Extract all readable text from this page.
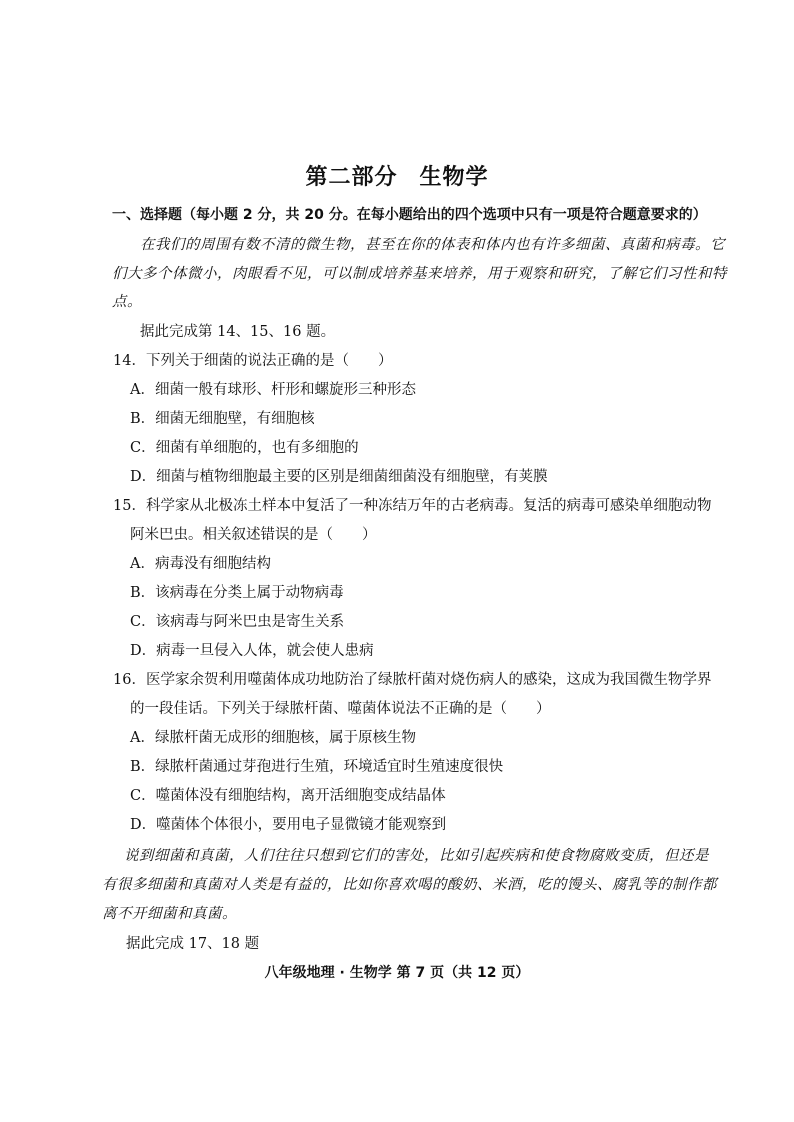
第二部分 生物学
一、选择题（每小题 2 分，共 20 分。在每小题给出的四个选项中只有一项是符合题意要求的）
在我们的周围有数不清的微生物，甚至在你的体表和体内也有许多细菌、真菌和病毒。它
们大多个体微小，肉眼看不见，可以制成培养基来培养，用于观察和研究，了解它们习性和特
点。
据此完成第 14、15、16 题。
14．下列关于细菌的说法正确的是（　　）
A．细菌一般有球形、杆形和螺旋形三种形态
B．细菌无细胞壁，有细胞核
C．细菌有单细胞的，也有多细胞的
D．细菌与植物细胞最主要的区别是细菌细菌没有细胞壁，有荚膜
15．科学家从北极冻土样本中复活了一种冻结万年的古老病毒。复活的病毒可感染单细胞动物
阿米巴虫。相关叙述错误的是（　　）
A．病毒没有细胞结构
B．该病毒在分类上属于动物病毒
C．该病毒与阿米巴虫是寄生关系
D．病毒一旦侵入人体，就会使人患病
16．医学家余贺利用噬菌体成功地防治了绿脓杆菌对烧伤病人的感染，这成为我国微生物学界
的一段佳话。下列关于绿脓杆菌、噬菌体说法不正确的是（　　）
A．绿脓杆菌无成形的细胞核，属于原核生物
B．绿脓杆菌通过芽孢进行生殖，环境适宜时生殖速度很快
C．噬菌体没有细胞结构，离开活细胞变成结晶体
D．噬菌体个体很小，要用电子显微镜才能观察到
说到细菌和真菌，人们往往只想到它们的害处，比如引起疾病和使食物腐败变质，但还是
有很多细菌和真菌对人类是有益的，比如你喜欢喝的酸奶、米酒，吃的馒头、腐乳等的制作都
离不开细菌和真菌。
据此完成 17、18 题
八年级地理 · 生物学 第 7 页（共 12 页）
